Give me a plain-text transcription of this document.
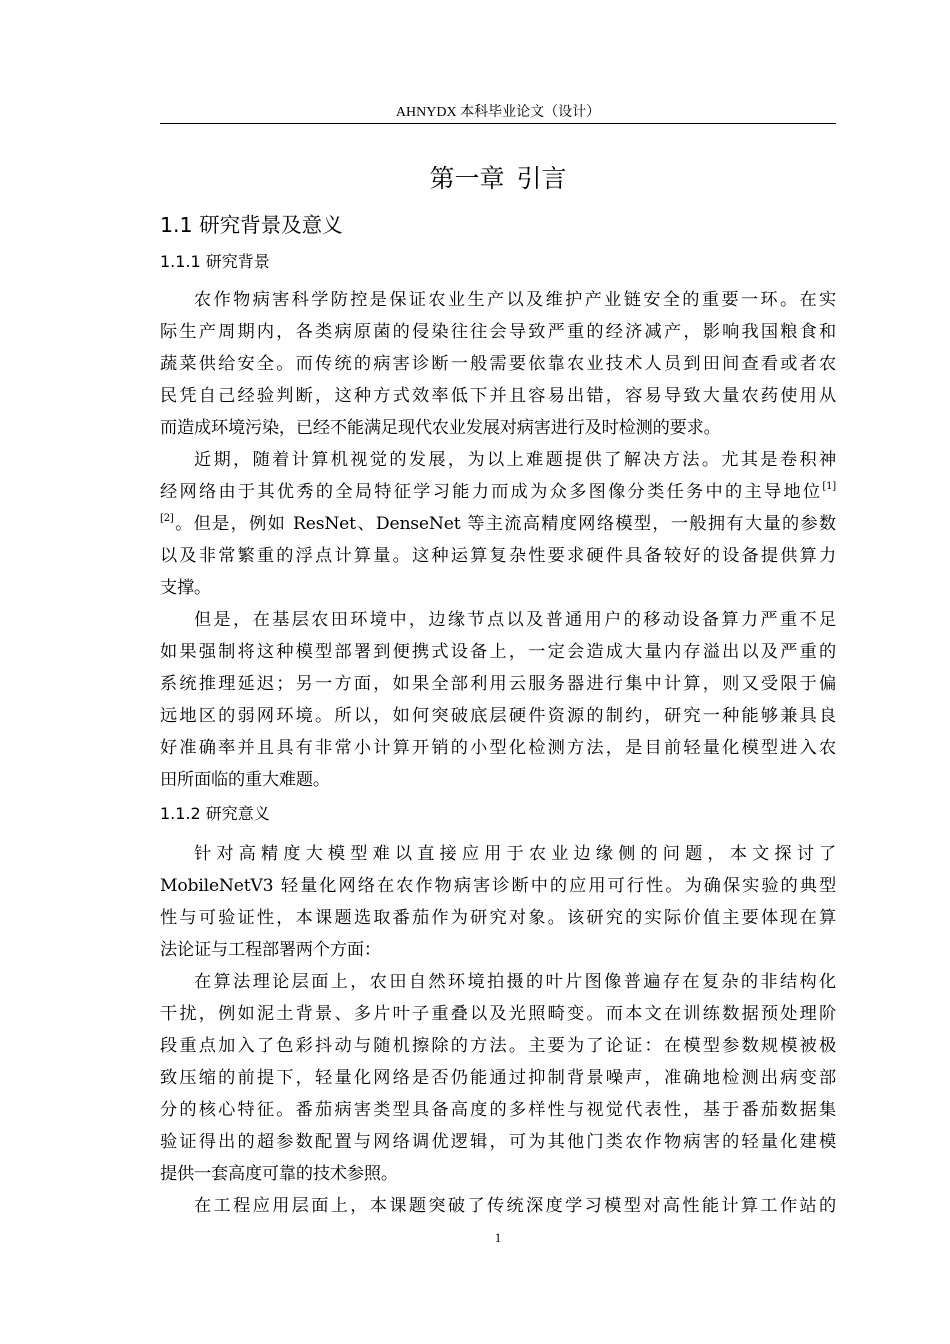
AHNYDX 本科毕业论文（设计）
第一章 引言
1.1 研究背景及意义
1.1.1 研究背景
农作物病害科学防控是保证农业生产以及维护产业链安全的重要一环。在实
际生产周期内，各类病原菌的侵染往往会导致严重的经济减产，影响我国粮食和
蔬菜供给安全。而传统的病害诊断一般需要依靠农业技术人员到田间查看或者农
民凭自己经验判断，这种方式效率低下并且容易出错，容易导致大量农药使用从
而造成环境污染，已经不能满足现代农业发展对病害进行及时检测的要求。
近期，随着计算机视觉的发展，为以上难题提供了解决方法。尤其是卷积神
经网络由于其优秀的全局特征学习能力而成为众多图像分类任务中的主导地位[1]
[2]。但是，例如 ResNet、DenseNet 等主流高精度网络模型，一般拥有大量的参数
以及非常繁重的浮点计算量。这种运算复杂性要求硬件具备较好的设备提供算力
支撑。
但是，在基层农田环境中，边缘节点以及普通用户的移动设备算力严重不足
如果强制将这种模型部署到便携式设备上，一定会造成大量内存溢出以及严重的
系统推理延迟；另一方面，如果全部利用云服务器进行集中计算，则又受限于偏
远地区的弱网环境。所以，如何突破底层硬件资源的制约，研究一种能够兼具良
好准确率并且具有非常小计算开销的小型化检测方法，是目前轻量化模型进入农
田所面临的重大难题。
1.1.2 研究意义
针对高精度大模型难以直接应用于农业边缘侧的问题，本文探讨了
MobileNetV3 轻量化网络在农作物病害诊断中的应用可行性。为确保实验的典型
性与可验证性，本课题选取番茄作为研究对象。该研究的实际价值主要体现在算
法论证与工程部署两个方面：
在算法理论层面上，农田自然环境拍摄的叶片图像普遍存在复杂的非结构化
干扰，例如泥土背景、多片叶子重叠以及光照畸变。而本文在训练数据预处理阶
段重点加入了色彩抖动与随机擦除的方法。主要为了论证：在模型参数规模被极
致压缩的前提下，轻量化网络是否仍能通过抑制背景噪声，准确地检测出病变部
分的核心特征。番茄病害类型具备高度的多样性与视觉代表性，基于番茄数据集
验证得出的超参数配置与网络调优逻辑，可为其他门类农作物病害的轻量化建模
提供一套高度可靠的技术参照。
在工程应用层面上，本课题突破了传统深度学习模型对高性能计算工作站的
1
